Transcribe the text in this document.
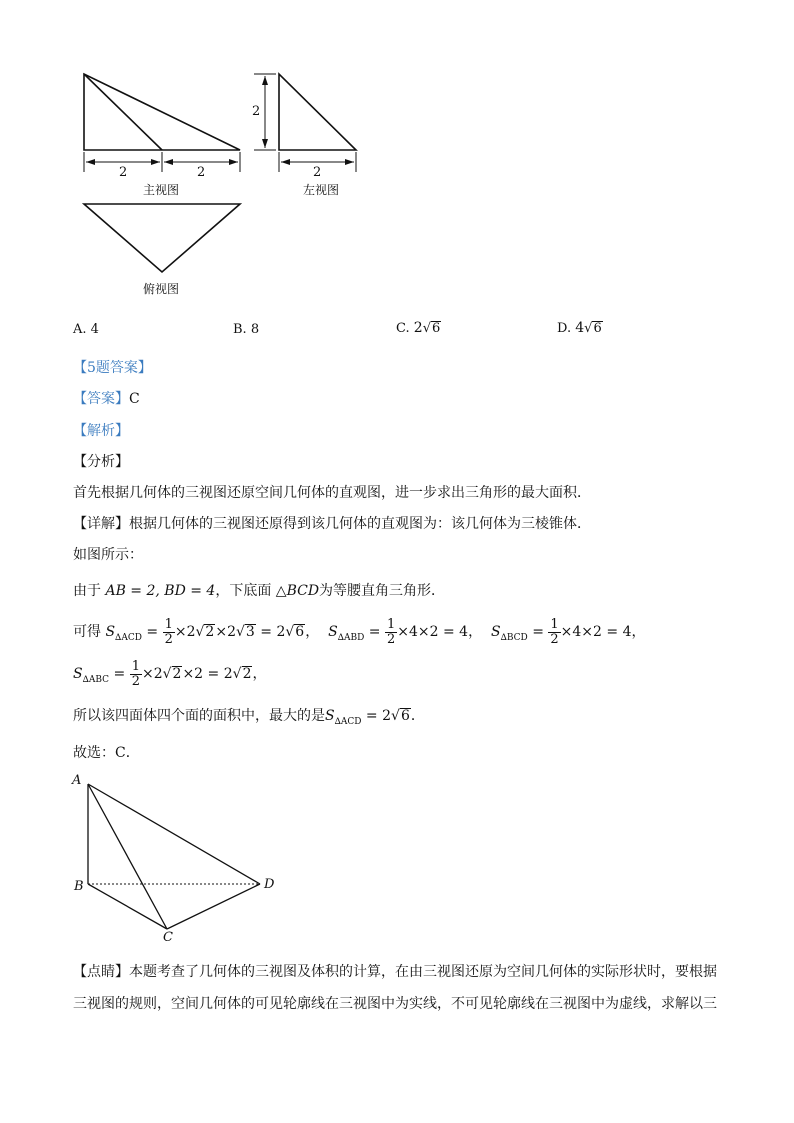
2	2
主视图
2
2
左视图
俯视图
A. 4	B. 8	C. 2√6	D. 4√6
【5题答案】
【答案】C
【解析】
【分析】
首先根据几何体的三视图还原空间几何体的直观图，进一步求出三角形的最大面积．
【详解】根据几何体的三视图还原得到该几何体的直观图为：该几何体为三棱锥体．
如图所示：
由于 AB = 2, BD = 4，下底面 △BCD为等腰直角三角形．
可得 $S_{\Delta ACD} = \frac{1}{2} \times 2√2\times 2√3 = 2√6$，  $S_{\Delta ABD} = \frac{1}{2} \times 4\times 2 = 4$，  $S_{\Delta BCD} = \frac{1}{2} \times 4\times 2 = 4$，
$S_{\Delta ABC} = \frac{1}{2} \times 2√2\times 2 = 2√2$，
所以该四面体四个面的面积中，最大的是$S_{\Delta ACD} = 2√6$．
故选：C．
A
B
C
D
【点睛】本题考查了几何体的三视图及体积的计算，在由三视图还原为空间几何体的实际形状时，要根据
三视图的规则，空间几何体的可见轮廓线在三视图中为实线，不可见轮廓线在三视图中为虚线，求解以三
